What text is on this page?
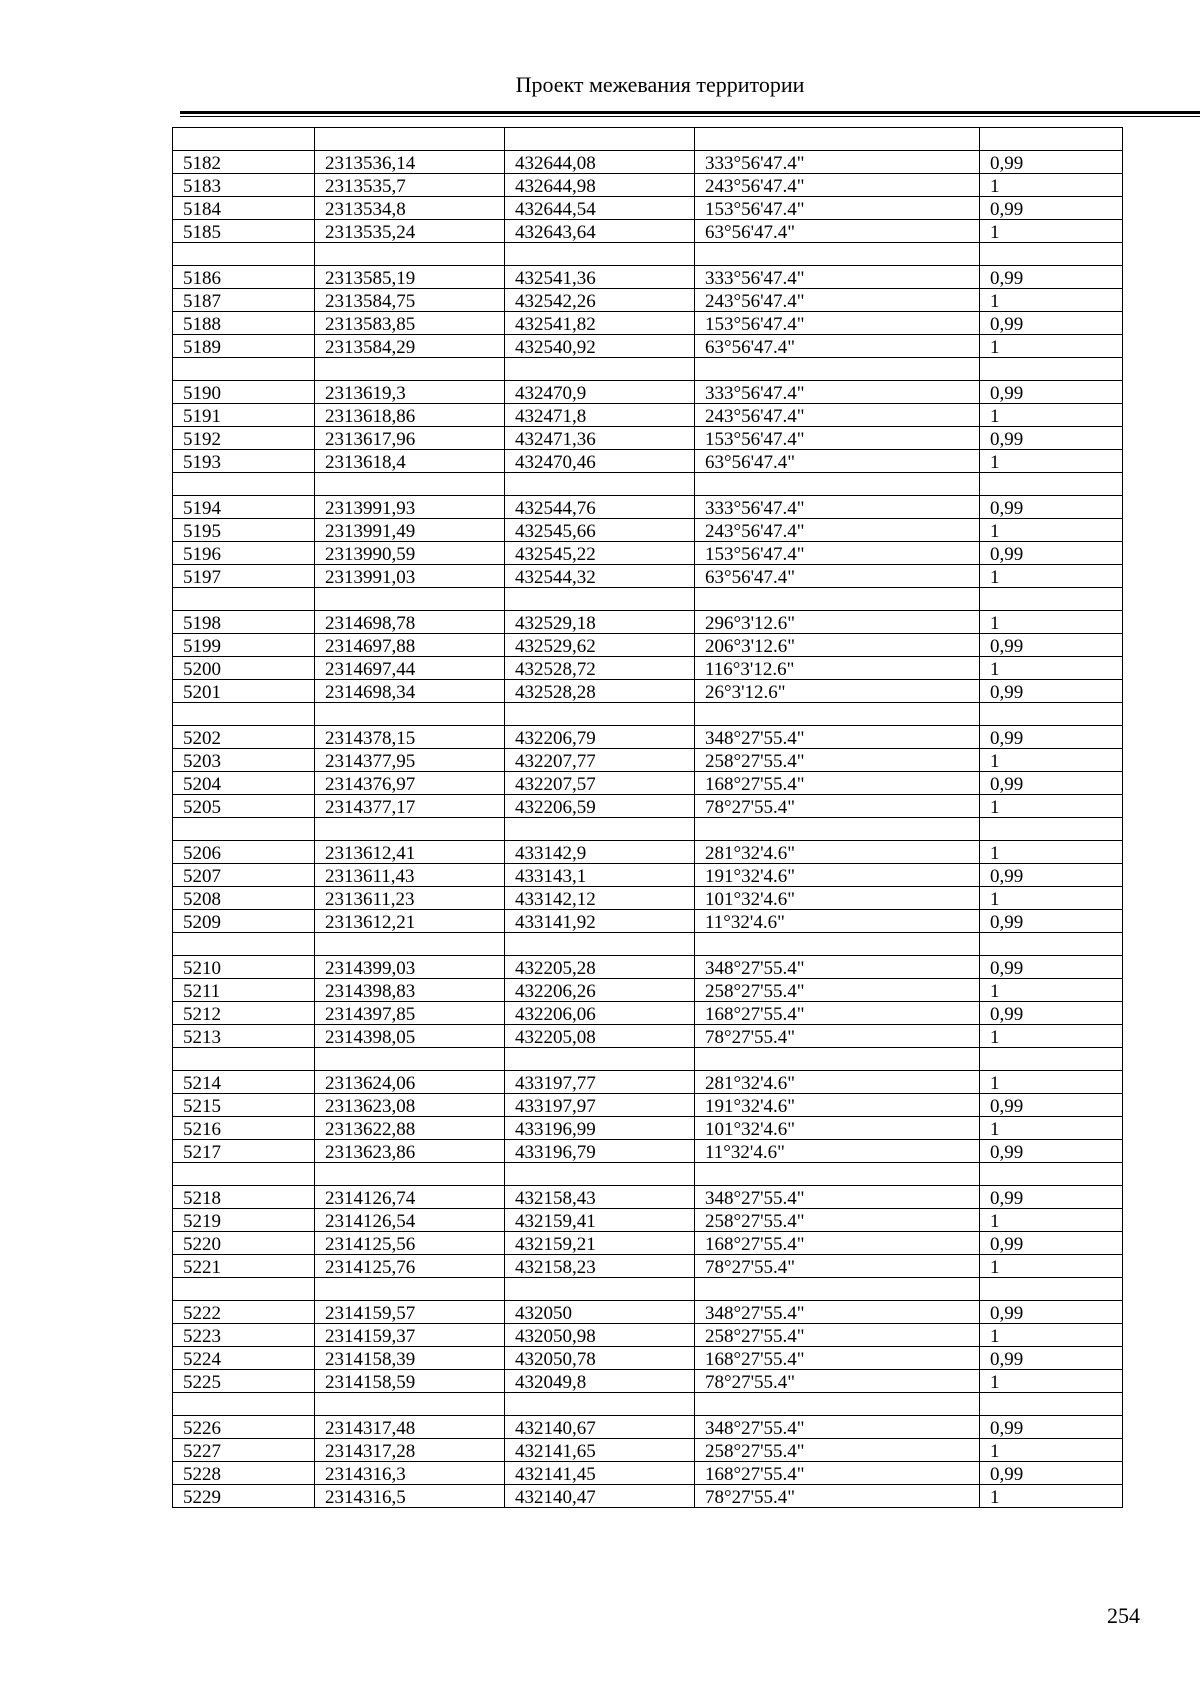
Проект межевания территории

5182	2313536,14	432644,08	333°56'47.4"	0,99
5183	2313535,7	432644,98	243°56'47.4"	1
5184	2313534,8	432644,54	153°56'47.4"	0,99
5185	2313535,24	432643,64	63°56'47.4"	1

5186	2313585,19	432541,36	333°56'47.4"	0,99
5187	2313584,75	432542,26	243°56'47.4"	1
5188	2313583,85	432541,82	153°56'47.4"	0,99
5189	2313584,29	432540,92	63°56'47.4"	1

5190	2313619,3	432470,9	333°56'47.4"	0,99
5191	2313618,86	432471,8	243°56'47.4"	1
5192	2313617,96	432471,36	153°56'47.4"	0,99
5193	2313618,4	432470,46	63°56'47.4"	1

5194	2313991,93	432544,76	333°56'47.4"	0,99
5195	2313991,49	432545,66	243°56'47.4"	1
5196	2313990,59	432545,22	153°56'47.4"	0,99
5197	2313991,03	432544,32	63°56'47.4"	1

5198	2314698,78	432529,18	296°3'12.6"	1
5199	2314697,88	432529,62	206°3'12.6"	0,99
5200	2314697,44	432528,72	116°3'12.6"	1
5201	2314698,34	432528,28	26°3'12.6"	0,99

5202	2314378,15	432206,79	348°27'55.4"	0,99
5203	2314377,95	432207,77	258°27'55.4"	1
5204	2314376,97	432207,57	168°27'55.4"	0,99
5205	2314377,17	432206,59	78°27'55.4"	1

5206	2313612,41	433142,9	281°32'4.6"	1
5207	2313611,43	433143,1	191°32'4.6"	0,99
5208	2313611,23	433142,12	101°32'4.6"	1
5209	2313612,21	433141,92	11°32'4.6"	0,99

5210	2314399,03	432205,28	348°27'55.4"	0,99
5211	2314398,83	432206,26	258°27'55.4"	1
5212	2314397,85	432206,06	168°27'55.4"	0,99
5213	2314398,05	432205,08	78°27'55.4"	1

5214	2313624,06	433197,77	281°32'4.6"	1
5215	2313623,08	433197,97	191°32'4.6"	0,99
5216	2313622,88	433196,99	101°32'4.6"	1
5217	2313623,86	433196,79	11°32'4.6"	0,99

5218	2314126,74	432158,43	348°27'55.4"	0,99
5219	2314126,54	432159,41	258°27'55.4"	1
5220	2314125,56	432159,21	168°27'55.4"	0,99
5221	2314125,76	432158,23	78°27'55.4"	1

5222	2314159,57	432050	348°27'55.4"	0,99
5223	2314159,37	432050,98	258°27'55.4"	1
5224	2314158,39	432050,78	168°27'55.4"	0,99
5225	2314158,59	432049,8	78°27'55.4"	1

5226	2314317,48	432140,67	348°27'55.4"	0,99
5227	2314317,28	432141,65	258°27'55.4"	1
5228	2314316,3	432141,45	168°27'55.4"	0,99
5229	2314316,5	432140,47	78°27'55.4"	1
254
